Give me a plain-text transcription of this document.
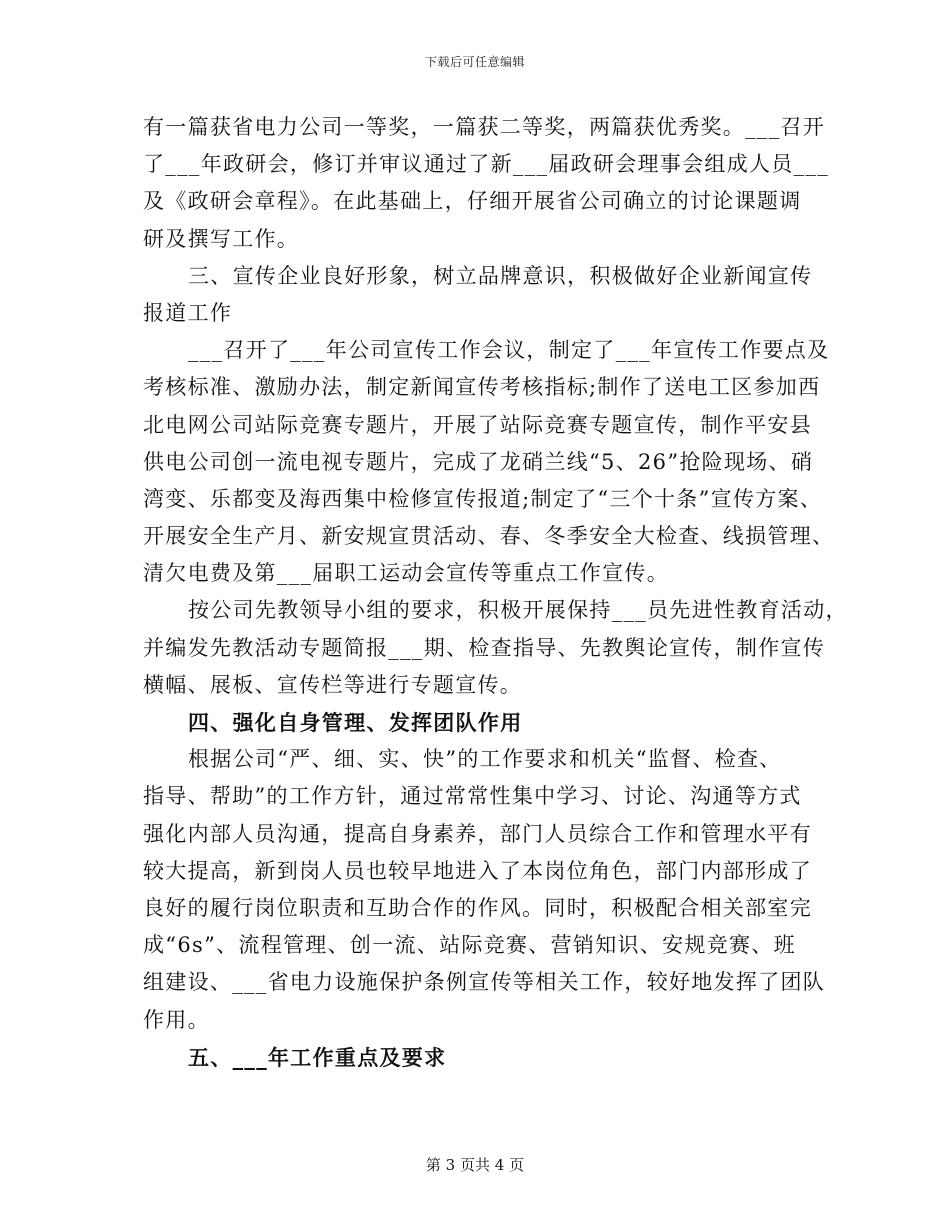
下载后可任意编辑
有一篇获省电力公司一等奖，一篇获二等奖，两篇获优秀奖。___召开
了___年政研会，修订并审议通过了新___届政研会理事会组成人员___
及《政研会章程》。在此基础上，仔细开展省公司确立的讨论课题调
研及撰写工作。
三、宣传企业良好形象，树立品牌意识，积极做好企业新闻宣传
报道工作
___召开了___年公司宣传工作会议，制定了___年宣传工作要点及
考核标准、激励办法，制定新闻宣传考核指标;制作了送电工区参加西
北电网公司站际竞赛专题片，开展了站际竞赛专题宣传，制作平安县
供电公司创一流电视专题片，完成了龙硝兰线“5、26”抢险现场、硝
湾变、乐都变及海西集中检修宣传报道;制定了“三个十条”宣传方案、
开展安全生产月、新安规宣贯活动、春、冬季安全大检查、线损管理、
清欠电费及第___届职工运动会宣传等重点工作宣传。
按公司先教领导小组的要求，积极开展保持___员先进性教育活动，
并编发先教活动专题简报___期、检查指导、先教舆论宣传，制作宣传
横幅、展板、宣传栏等进行专题宣传。
四、强化自身管理、发挥团队作用
根据公司“严、细、实、快”的工作要求和机关“监督、检查、
指导、帮助”的工作方针，通过常常性集中学习、讨论、沟通等方式
强化内部人员沟通，提高自身素养，部门人员综合工作和管理水平有
较大提高，新到岗人员也较早地进入了本岗位角色，部门内部形成了
良好的履行岗位职责和互助合作的作风。同时，积极配合相关部室完
成“6s”、流程管理、创一流、站际竞赛、营销知识、安规竞赛、班
组建设、___省电力设施保护条例宣传等相关工作，较好地发挥了团队
作用。
五、___年工作重点及要求
第 3 页共 4 页
